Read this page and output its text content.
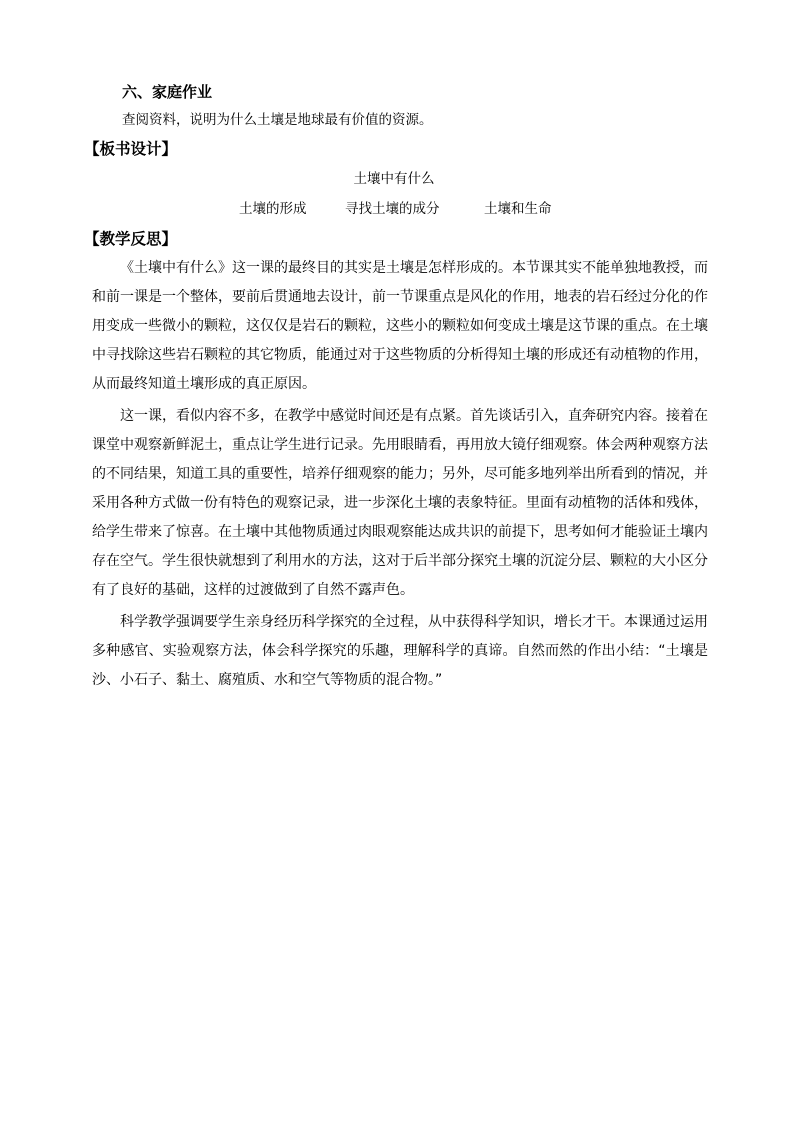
六、家庭作业
查阅资料，说明为什么土壤是地球最有价值的资源。
【板书设计】
土壤中有什么
土壤的形成	寻找土壤的成分	土壤和生命
【教学反思】

《土壤中有什么》这一课的最终目的其实是土壤是怎样形成的。本节课其实不能单独地教授，而和前一课是一个整体，要前后贯通地去设计，前一节课重点是风化的作用，地表的岩石经过分化的作用变成一些微小的颗粒，这仅仅是岩石的颗粒，这些小的颗粒如何变成土壤是这节课的重点。在土壤中寻找除这些岩石颗粒的其它物质，能通过对于这些物质的分析得知土壤的形成还有动植物的作用，从而最终知道土壤形成的真正原因。

这一课，看似内容不多，在教学中感觉时间还是有点紧。首先谈话引入，直奔研究内容。接着在课堂中观察新鲜泥土，重点让学生进行记录。先用眼睛看，再用放大镜仔细观察。体会两种观察方法的不同结果，知道工具的重要性，培养仔细观察的能力；另外，尽可能多地列举出所看到的情况，并采用各种方式做一份有特色的观察记录，进一步深化土壤的表象特征。里面有动植物的活体和残体，给学生带来了惊喜。在土壤中其他物质通过肉眼观察能达成共识的前提下，思考如何才能验证土壤内存在空气。学生很快就想到了利用水的方法，这对于后半部分探究土壤的沉淀分层、颗粒的大小区分有了良好的基础，这样的过渡做到了自然不露声色。

科学教学强调要学生亲身经历科学探究的全过程，从中获得科学知识，增长才干。本课通过运用多种感官、实验观察方法，体会科学探究的乐趣，理解科学的真谛。自然而然的作出小结：“土壤是沙、小石子、黏土、腐殖质、水和空气等物质的混合物。”
